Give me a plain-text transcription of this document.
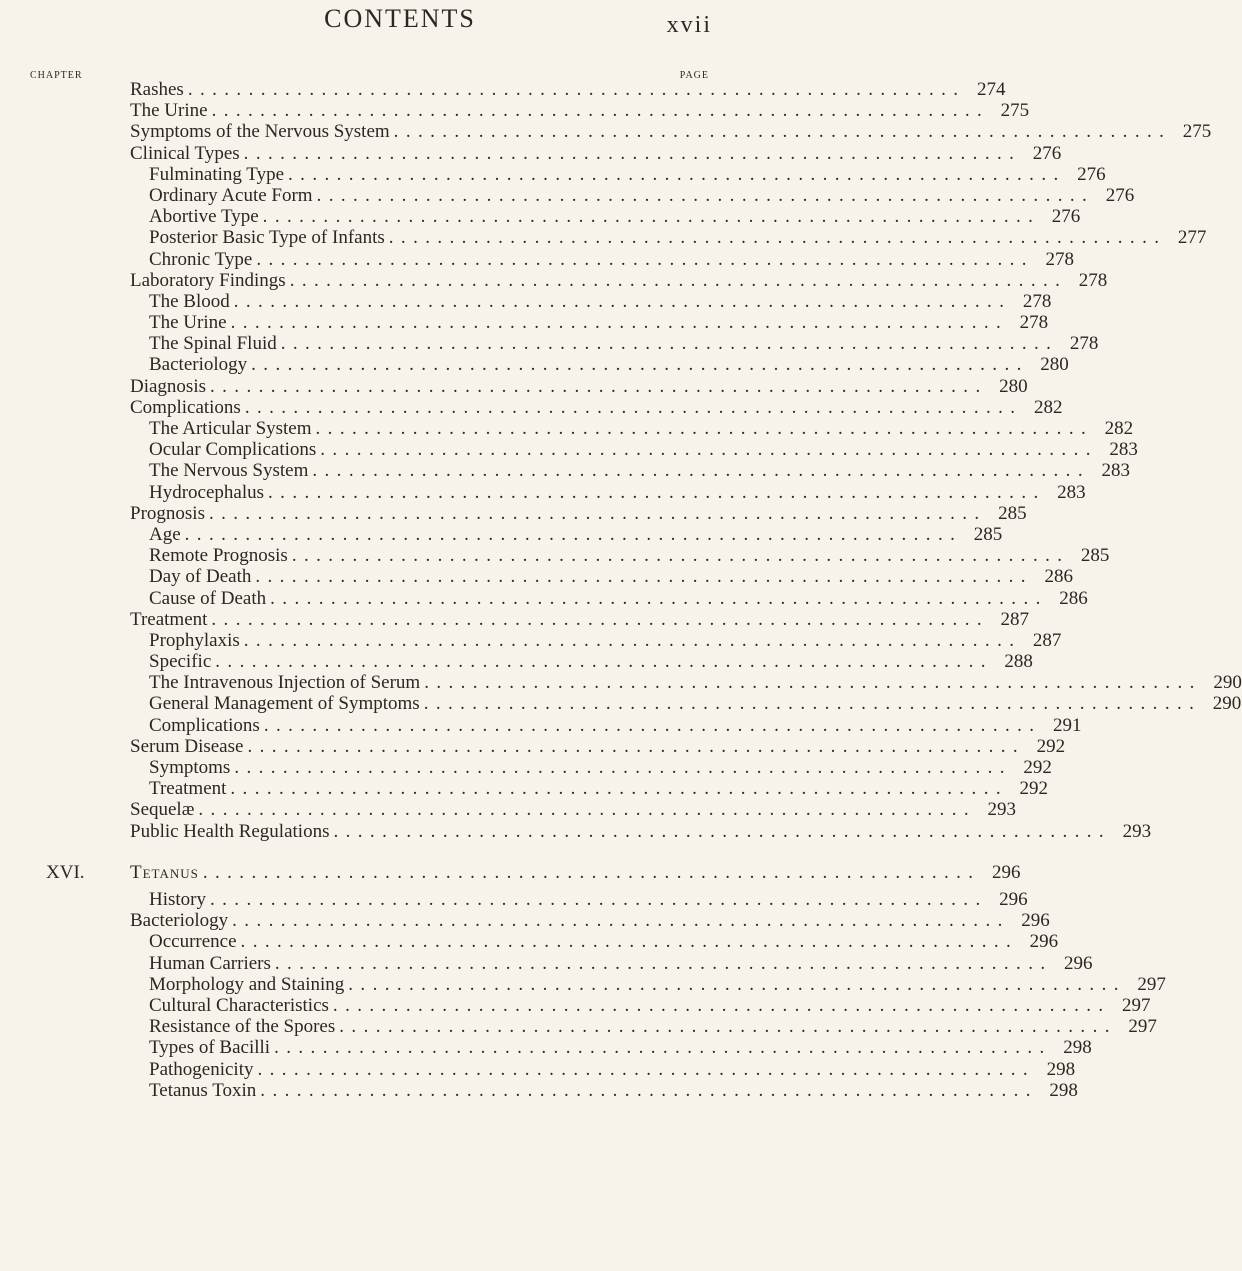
CONTENTS	xvii
CHAPTER	PAGE
Rashes ................................................................ 274
The Urine ................................................................ 275
Symptoms of the Nervous System ................................................................ 275
Clinical Types ................................................................ 276
Fulminating Type ................................................................ 276
Ordinary Acute Form ................................................................ 276
Abortive Type ................................................................ 276
Posterior Basic Type of Infants ................................................................ 277
Chronic Type ................................................................ 278
Laboratory Findings ................................................................ 278
The Blood ................................................................ 278
The Urine ................................................................ 278
The Spinal Fluid ................................................................ 278
Bacteriology ................................................................ 280
Diagnosis ................................................................ 280
Complications ................................................................ 282
The Articular System ................................................................ 282
Ocular Complications ................................................................ 283
The Nervous System ................................................................ 283
Hydrocephalus ................................................................ 283
Prognosis ................................................................ 285
Age ................................................................ 285
Remote Prognosis ................................................................ 285
Day of Death ................................................................ 286
Cause of Death ................................................................ 286
Treatment ................................................................ 287
Prophylaxis ................................................................ 287
Specific ................................................................ 288
The Intravenous Injection of Serum ................................................................ 290
General Management of Symptoms ................................................................ 290
Complications ................................................................ 291
Serum Disease ................................................................ 292
Symptoms ................................................................ 292
Treatment ................................................................ 292
Sequelæ ................................................................ 293
Public Health Regulations ................................................................ 293
XVI. Tetanus ................................................................ 296
History ................................................................ 296
Bacteriology ................................................................ 296
Occurrence ................................................................ 296
Human Carriers ................................................................ 296
Morphology and Staining ................................................................ 297
Cultural Characteristics ................................................................ 297
Resistance of the Spores ................................................................ 297
Types of Bacilli ................................................................ 298
Pathogenicity ................................................................ 298
Tetanus Toxin ................................................................ 298
